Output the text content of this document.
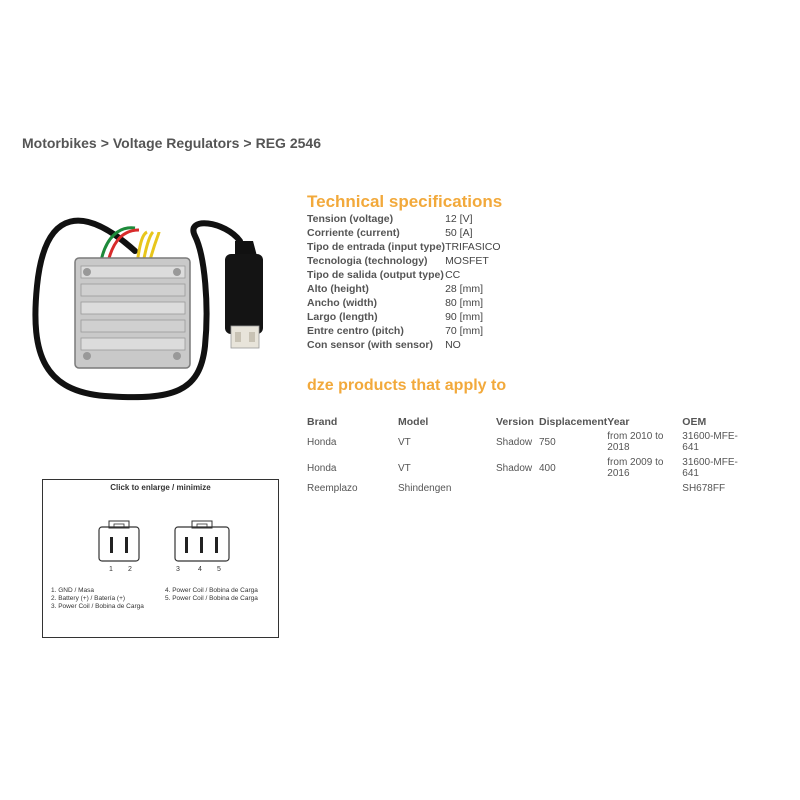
Motorbikes > Voltage Regulators > REG 2546
Technical specifications
Tension (voltage)	12 [V]
Corriente (current)	50 [A]
Tipo de entrada (input type)	TRIFASICO
Tecnologia (technology)	MOSFET
Tipo de salida (output type)	CC
Alto (height)	28 [mm]
Ancho (width)	80 [mm]
Largo (length)	90 [mm]
Entre centro (pitch)	70 [mm]
Con sensor (with sensor)	NO
dze products that apply to
Brand	Model	Version	Displacement	Year	OEM
Honda	VT	Shadow	750	from 2010 to 2018	31600-MFE-641
Honda	VT	Shadow	400	from 2009 to 2016	31600-MFE-641
Reemplazo	Shindengen				SH678FF
Click to enlarge / minimize
1 2	3	4 5
1. GND / Masa
2. Battery (+) / Batería (+)
3. Power Coil / Bobina de Carga
4. Power Coil / Bobina de Carga
5. Power Coil / Bobina de Carga
